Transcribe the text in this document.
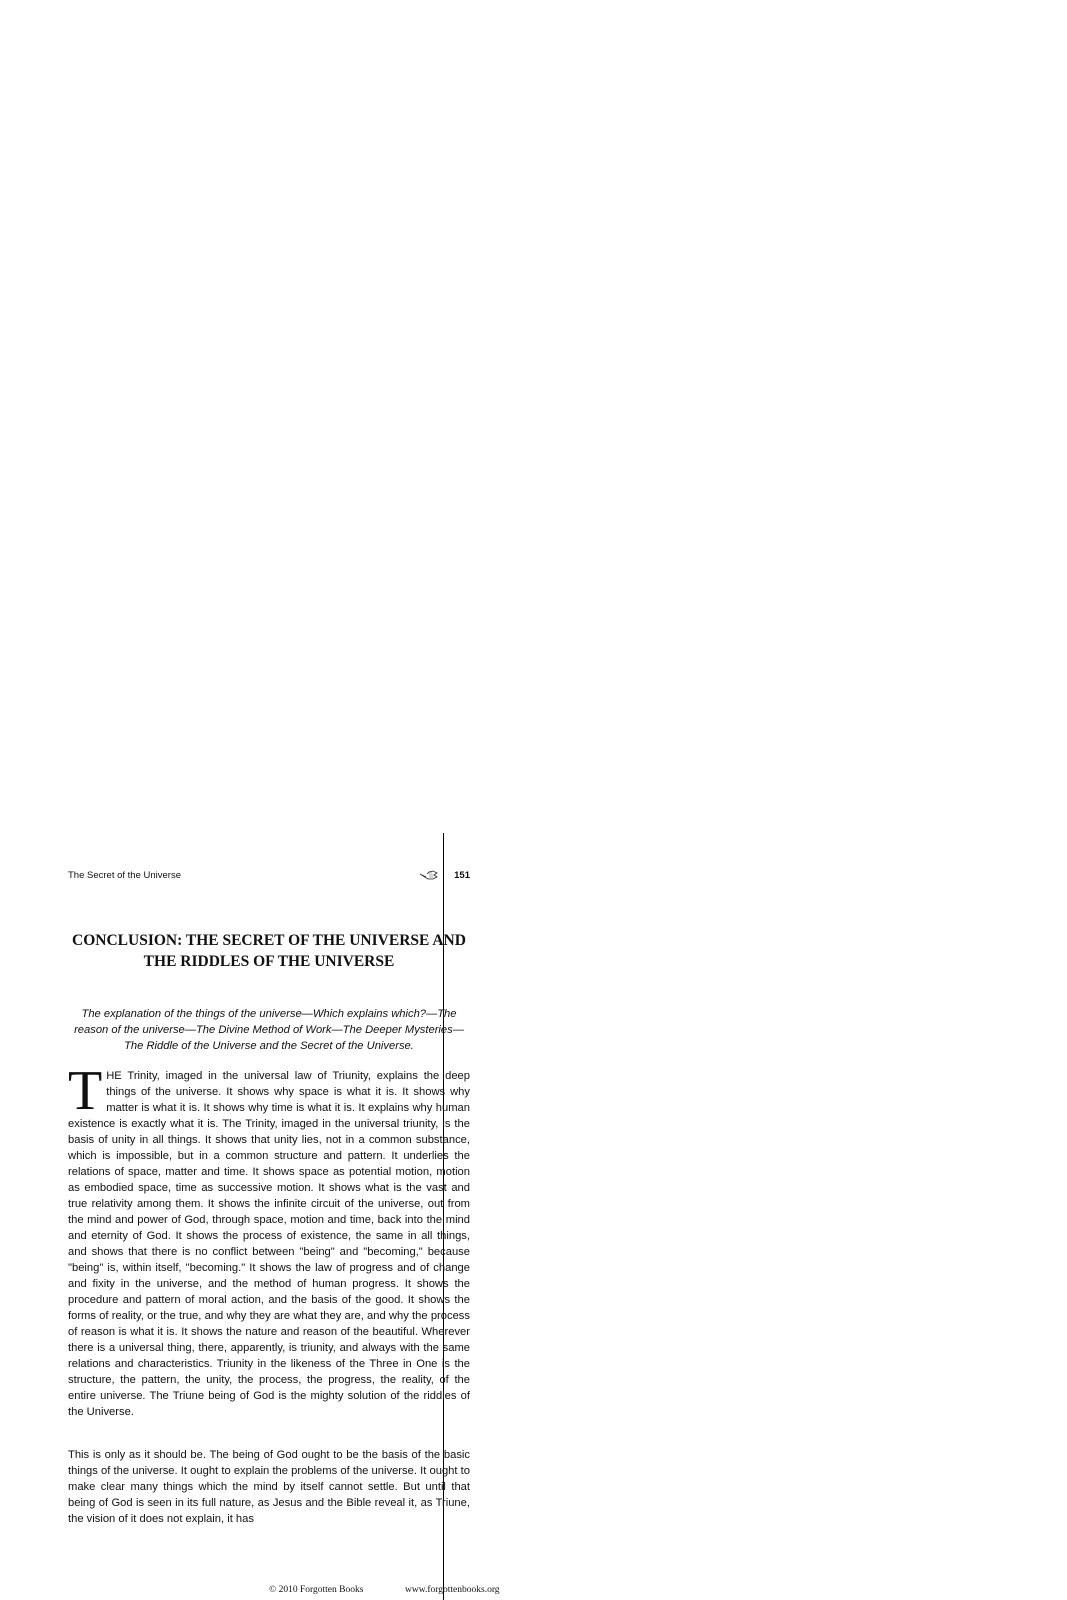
The Secret of the Universe	151
CONCLUSION: THE SECRET OF THE UNIVERSE AND
THE RIDDLES OF THE UNIVERSE
The explanation of the things of the universe—Which explains which?—The reason of the universe—The Divine Method of Work—The Deeper Mysteries—The Riddle of the Universe and the Secret of the Universe.

THE Trinity, imaged in the universal law of Triunity, explains the deep things of the universe. It shows why space is what it is. It shows why matter is what it is. It shows why time is what it is. It explains why human existence is exactly what it is. The Trinity, imaged in the universal triunity, is the basis of unity in all things. It shows that unity lies, not in a common substance, which is impossible, but in a common structure and pattern. It underlies the relations of space, matter and time. It shows space as potential motion, motion as embodied space, time as successive motion. It shows what is the vast and true relativity among them. It shows the infinite circuit of the universe, out from the mind and power of God, through space, motion and time, back into the mind and eternity of God. It shows the process of existence, the same in all things, and shows that there is no conflict between "being" and "becoming," because "being" is, within itself, "becoming." It shows the law of progress and of change and fixity in the universe, and the method of human progress. It shows the procedure and pattern of moral action, and the basis of the good. It shows the forms of reality, or the true, and why they are what they are, and why the process of reason is what it is. It shows the nature and reason of the beautiful. Wherever there is a universal thing, there, apparently, is triunity, and always with the same relations and characteristics. Triunity in the likeness of the Three in One is the structure, the pattern, the unity, the process, the progress, the reality, of the entire universe. The Triune being of God is the mighty solution of the riddles of the Universe.

This is only as it should be. The being of God ought to be the basis of the basic things of the universe. It ought to explain the problems of the universe. It ought to make clear many things which the mind by itself cannot settle. But until that being of God is seen in its full nature, as Jesus and the Bible reveal it, as Triune, the vision of it does not explain, it has

© 2010 Forgotten Books	www.forgottenbooks.org
